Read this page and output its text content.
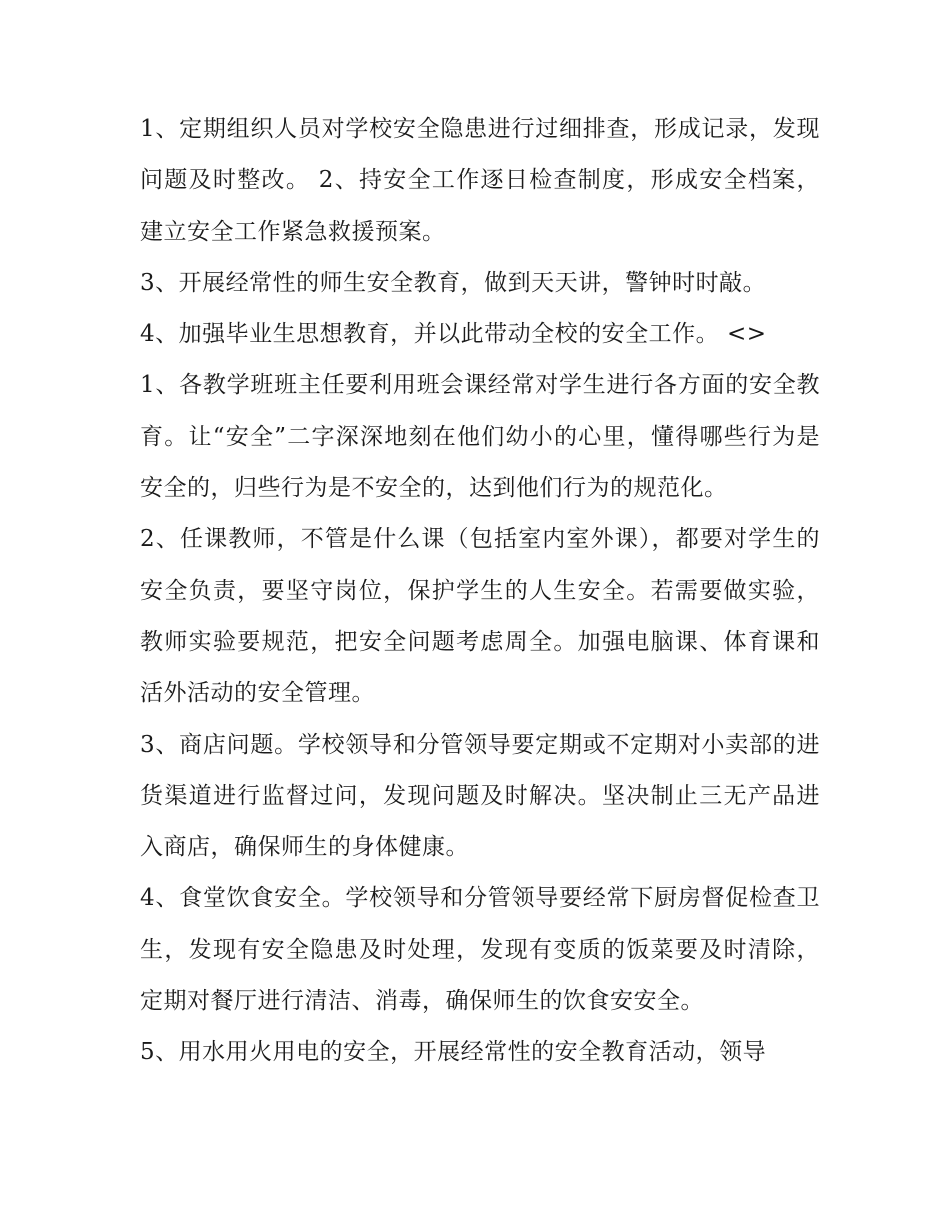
1、定期组织人员对学校安全隐患进行过细排查，形成记录，发现问题及时整改。 2、持安全工作逐日检查制度，形成安全档案，建立安全工作紧急救援预案。

3、开展经常性的师生安全教育，做到天天讲，警钟时时敲。

4、加强毕业生思想教育，并以此带动全校的安全工作。 <>

1、各教学班班主任要利用班会课经常对学生进行各方面的安全教育。让“安全”二字深深地刻在他们幼小的心里，懂得哪些行为是安全的，归些行为是不安全的，达到他们行为的规范化。

2、任课教师，不管是什么课（包括室内室外课），都要对学生的安全负责，要坚守岗位，保护学生的人生安全。若需要做实验，教师实验要规范，把安全问题考虑周全。加强电脑课、体育课和活外活动的安全管理。

3、商店问题。学校领导和分管领导要定期或不定期对小卖部的进货渠道进行监督过问，发现问题及时解决。坚决制止三无产品进入商店，确保师生的身体健康。

4、食堂饮食安全。学校领导和分管领导要经常下厨房督促检查卫生，发现有安全隐患及时处理，发现有变质的饭菜要及时清除，定期对餐厅进行清洁、消毒，确保师生的饮食安安全。

5、用水用火用电的安全，开展经常性的安全教育活动，领导
